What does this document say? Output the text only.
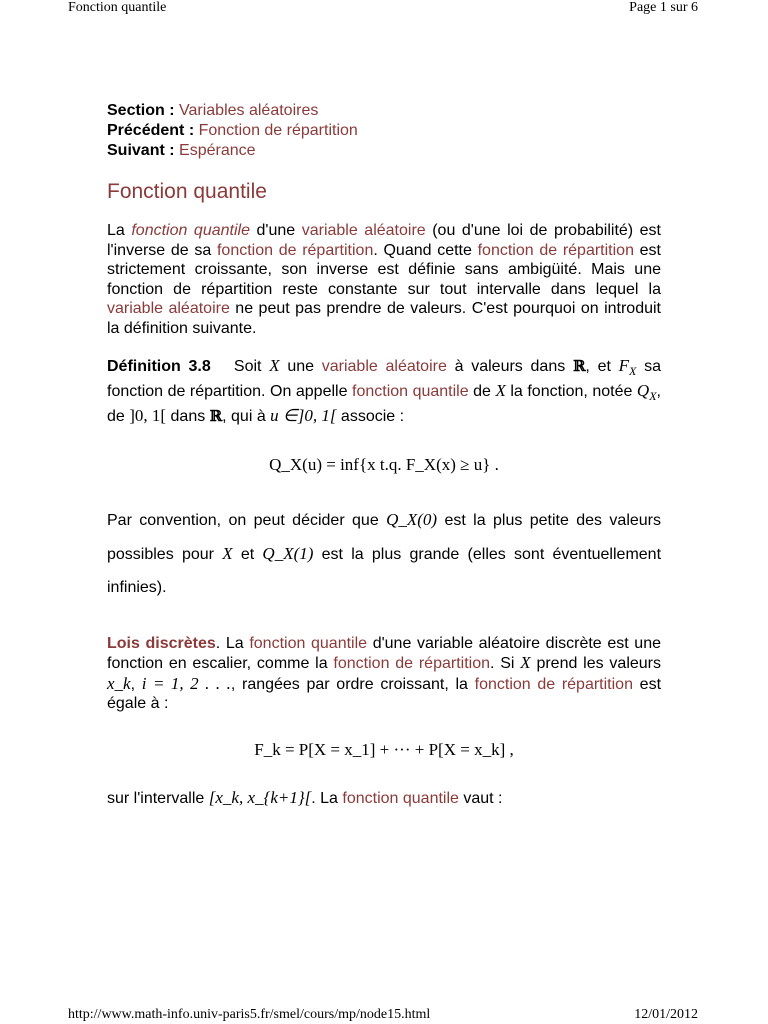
Fonction quantile	Page 1 sur 6
Section : Variables aléatoires
Précédent : Fonction de répartition
Suivant : Espérance
Fonction quantile

La fonction quantile d'une variable aléatoire (ou d'une loi de probabilité) est l'inverse de sa fonction de répartition. Quand cette fonction de répartition est strictement croissante, son inverse est définie sans ambigüité. Mais une fonction de répartition reste constante sur tout intervalle dans lequel la variable aléatoire ne peut pas prendre de valeurs. C'est pourquoi on introduit la définition suivante.

Définition 3.8 Soit X une variable aléatoire à valeurs dans ℝ, et $F_X$ sa fonction de répartition. On appelle fonction quantile de X la fonction, notée $Q_X$, de ]0, 1[ dans ℝ, qui à u ∈]0, 1[ associe :

Q_X(u) = inf{x t.q. F_X(x) ≥ u} .

Par convention, on peut décider que Q_X(0) est la plus petite des valeurs possibles pour X et Q_X(1) est la plus grande (elles sont éventuellement infinies).

Lois discrètes. La fonction quantile d'une variable aléatoire discrète est une fonction en escalier, comme la fonction de répartition. Si X prend les valeurs x_k, i = 1, 2 . . ., rangées par ordre croissant, la fonction de répartition est égale à :

F_k = P[X = x_1] + ··· + P[X = x_k] ,

sur l'intervalle [x_k, x_{k+1}[. La fonction quantile vaut :

http://www.math-info.univ-paris5.fr/smel/cours/mp/node15.html	12/01/2012
